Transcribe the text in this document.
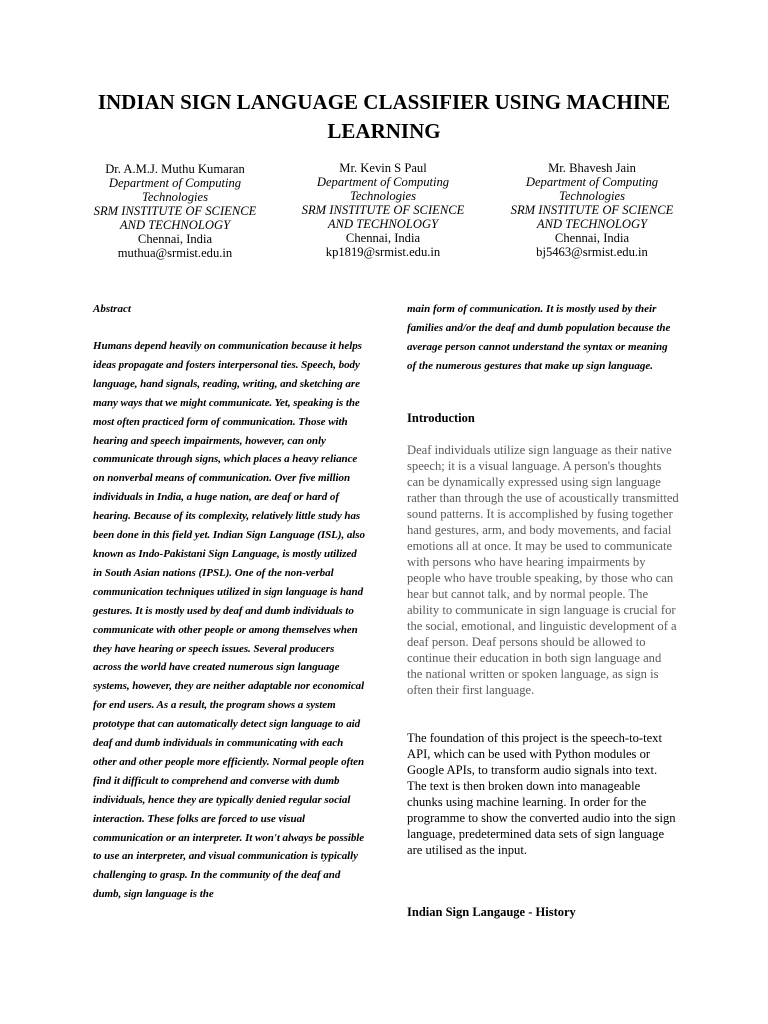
INDIAN SIGN LANGUAGE CLASSIFIER USING MACHINE LEARNING
Dr. A.M.J. Muthu Kumaran
Department of Computing Technologies
SRM INSTITUTE OF SCIENCE AND TECHNOLOGY
Chennai, India
muthua@srmist.edu.in
Mr. Kevin S Paul
Department of Computing Technologies
SRM INSTITUTE OF SCIENCE AND TECHNOLOGY
Chennai, India
kp1819@srmist.edu.in
Mr. Bhavesh Jain
Department of Computing Technologies
SRM INSTITUTE OF SCIENCE AND TECHNOLOGY
Chennai, India
bj5463@srmist.edu.in

Abstract

Humans depend heavily on communication because it helps ideas propagate and fosters interpersonal ties. Speech, body language, hand signals, reading, writing, and sketching are many ways that we might communicate. Yet, speaking is the most often practiced form of communication. Those with hearing and speech impairments, however, can only communicate through signs, which places a heavy reliance on nonverbal means of communication. Over five million individuals in India, a huge nation, are deaf or hard of hearing. Because of its complexity, relatively little study has been done in this field yet. Indian Sign Language (ISL), also known as Indo-Pakistani Sign Language, is mostly utilized in South Asian nations (IPSL). One of the non-verbal communication techniques utilized in sign language is hand gestures. It is mostly used by deaf and dumb individuals to communicate with other people or among themselves when they have hearing or speech issues. Several producers across the world have created numerous sign language systems, however, they are neither adaptable nor economical for end users. As a result, the program shows a system prototype that can automatically detect sign language to aid deaf and dumb individuals in communicating with each other and other people more efficiently. Normal people often find it difficult to comprehend and converse with dumb individuals, hence they are typically denied regular social interaction. These folks are forced to use visual communication or an interpreter. It won't always be possible to use an interpreter, and visual communication is typically challenging to grasp. In the community of the deaf and dumb, sign language is the

main form of communication. It is mostly used by their families and/or the deaf and dumb population because the average person cannot understand the syntax or meaning of the numerous gestures that make up sign language.

Introduction

Deaf individuals utilize sign language as their native speech; it is a visual language. A person's thoughts can be dynamically expressed using sign language rather than through the use of acoustically transmitted sound patterns. It is accomplished by fusing together hand gestures, arm, and body movements, and facial emotions all at once. It may be used to communicate with persons who have hearing impairments by people who have trouble speaking, by those who can hear but cannot talk, and by normal people. The ability to communicate in sign language is crucial for the social, emotional, and linguistic development of a deaf person. Deaf persons should be allowed to continue their education in both sign language and the national written or spoken language, as sign is often their first language.

The foundation of this project is the speech-to-text API, which can be used with Python modules or Google APIs, to transform audio signals into text. The text is then broken down into manageable chunks using machine learning. In order for the programme to show the converted audio into the sign language, predetermined data sets of sign language are utilised as the input.

Indian Sign Langauge - History
